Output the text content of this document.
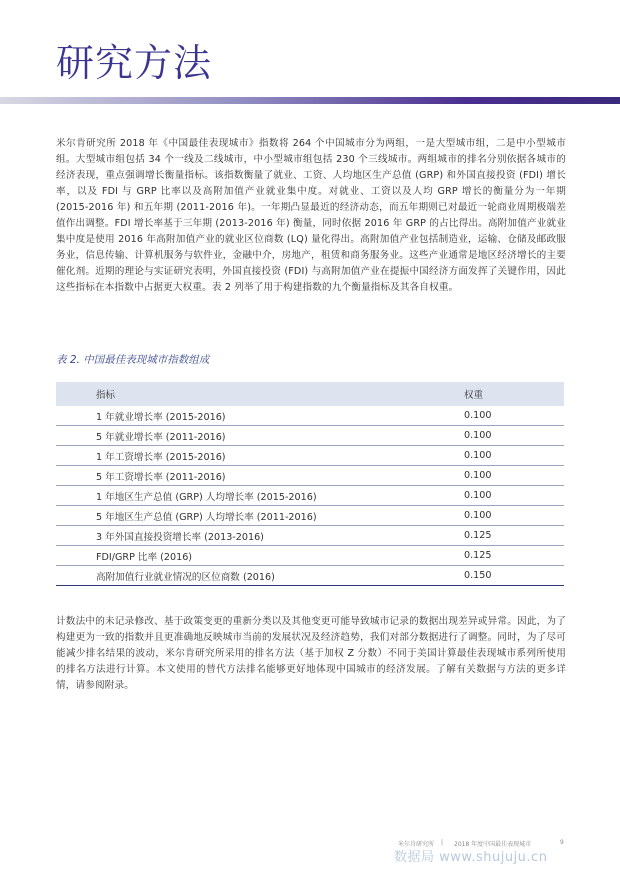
研究方法

米尔肯研究所 2018 年《中国最佳表现城市》指数将 264 个中国城市分为两组，一是大型城市组，二是中小型城市组。大型城市组包括 34 个一线及二线城市，中小型城市组包括 230 个三线城市。两组城市的排名分别依据各城市的经济表现，重点强调增长衡量指标。该指数衡量了就业、工资、人均地区生产总值 (GRP) 和外国直接投资 (FDI) 增长率，以及 FDI 与 GRP 比率以及高附加值产业就业集中度。对就业、工资以及人均 GRP 增长的衡量分为一年期 (2015-2016 年) 和五年期 (2011-2016 年)。一年期凸显最近的经济动态，而五年期则已对最近一轮商业周期极端差值作出调整。FDI 增长率基于三年期 (2013-2016 年) 衡量，同时依据 2016 年 GRP 的占比得出。高附加值产业就业集中度是使用 2016 年高附加值产业的就业区位商数 (LQ) 量化得出。高附加值产业包括制造业，运输、仓储及邮政服务业，信息传输、计算机服务与软件业，金融中介，房地产，租赁和商务服务业。这些产业通常是地区经济增长的主要催化剂。近期的理论与实证研究表明，外国直接投资 (FDI) 与高附加值产业在提振中国经济方面发挥了关键作用，因此这些指标在本指数中占据更大权重。表 2 列举了用于构建指数的九个衡量指标及其各自权重。

表 2. 中国最佳表现城市指数组成

指标	权重
1 年就业增长率 (2015-2016)	0.100
5 年就业增长率 (2011-2016)	0.100
1 年工资增长率 (2015-2016)	0.100
5 年工资增长率 (2011-2016)	0.100
1 年地区生产总值 (GRP) 人均增长率 (2015-2016)	0.100
5 年地区生产总值 (GRP) 人均增长率 (2011-2016)	0.100
3 年外国直接投资增长率 (2013-2016)	0.125
FDI/GRP 比率 (2016)	0.125
高附加值行业就业情况的区位商数 (2016)	0.150

计数法中的未记录修改、基于政策变更的重新分类以及其他变更可能导致城市记录的数据出现差异或异常。因此，为了构建更为一致的指数并且更准确地反映城市当前的发展状况及经济趋势，我们对部分数据进行了调整。同时，为了尽可能减少排名结果的波动，米尔肯研究所采用的排名方法（基于加权 Z 分数）不同于美国计算最佳表现城市系列所使用的排名方法进行计算。本文使用的替代方法排名能够更好地体现中国城市的经济发展。了解有关数据与方法的更多详情，请参阅附录。

米尔肯研究所 | 2018 年度中国最佳表现城市	9
数据局 www.shujuju.cn
